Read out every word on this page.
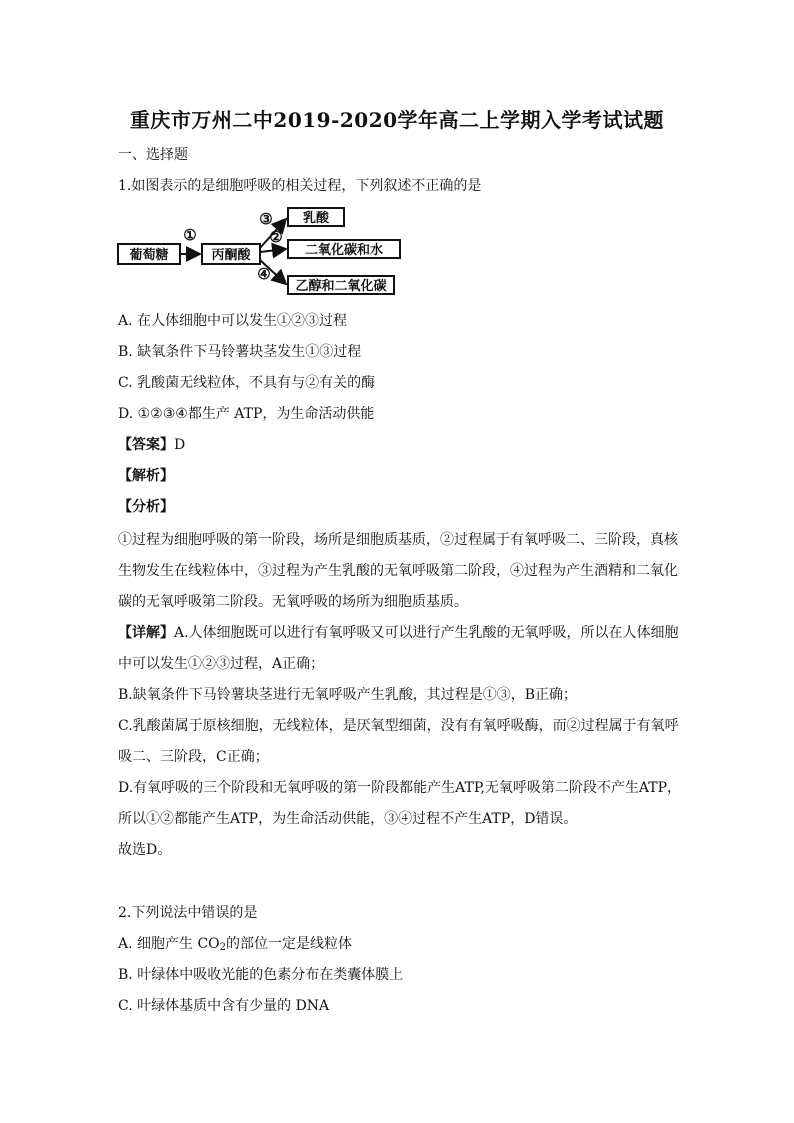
重庆市万州二中2019-2020学年高二上学期入学考试试题
一、选择题
1.如图表示的是细胞呼吸的相关过程，下列叙述不正确的是
葡萄糖	丙酮酸
乳酸
二氧化碳和水
乙醇和二氧化碳
①
③
②
④
A. 在人体细胞中可以发生①②③过程
B. 缺氧条件下马铃薯块茎发生①③过程
C. 乳酸菌无线粒体，不具有与②有关的酶
D. ①②③④都生产 ATP，为生命活动供能
【答案】D
【解析】
【分析】

①过程为细胞呼吸的第一阶段，场所是细胞质基质，②过程属于有氧呼吸二、三阶段，真核生物发生在线粒体中，③过程为产生乳酸的无氧呼吸第二阶段，④过程为产生酒精和二氧化碳的无氧呼吸第二阶段。无氧呼吸的场所为细胞质基质。

【详解】A.人体细胞既可以进行有氧呼吸又可以进行产生乳酸的无氧呼吸，所以在人体细胞中可以发生①②③过程，A正确；

B.缺氧条件下马铃薯块茎进行无氧呼吸产生乳酸，其过程是①③，B正确；

C.乳酸菌属于原核细胞，无线粒体，是厌氧型细菌，没有有氧呼吸酶，而②过程属于有氧呼吸二、三阶段，C正确；

D.有氧呼吸的三个阶段和无氧呼吸的第一阶段都能产生ATP,无氧呼吸第二阶段不产生ATP，所以①②都能产生ATP，为生命活动供能，③④过程不产生ATP，D错误。

故选D。

2.下列说法中错误的是
A. 细胞产生 $CO_2$的部位一定是线粒体
B. 叶绿体中吸收光能的色素分布在类囊体膜上
C. 叶绿体基质中含有少量的 DNA
